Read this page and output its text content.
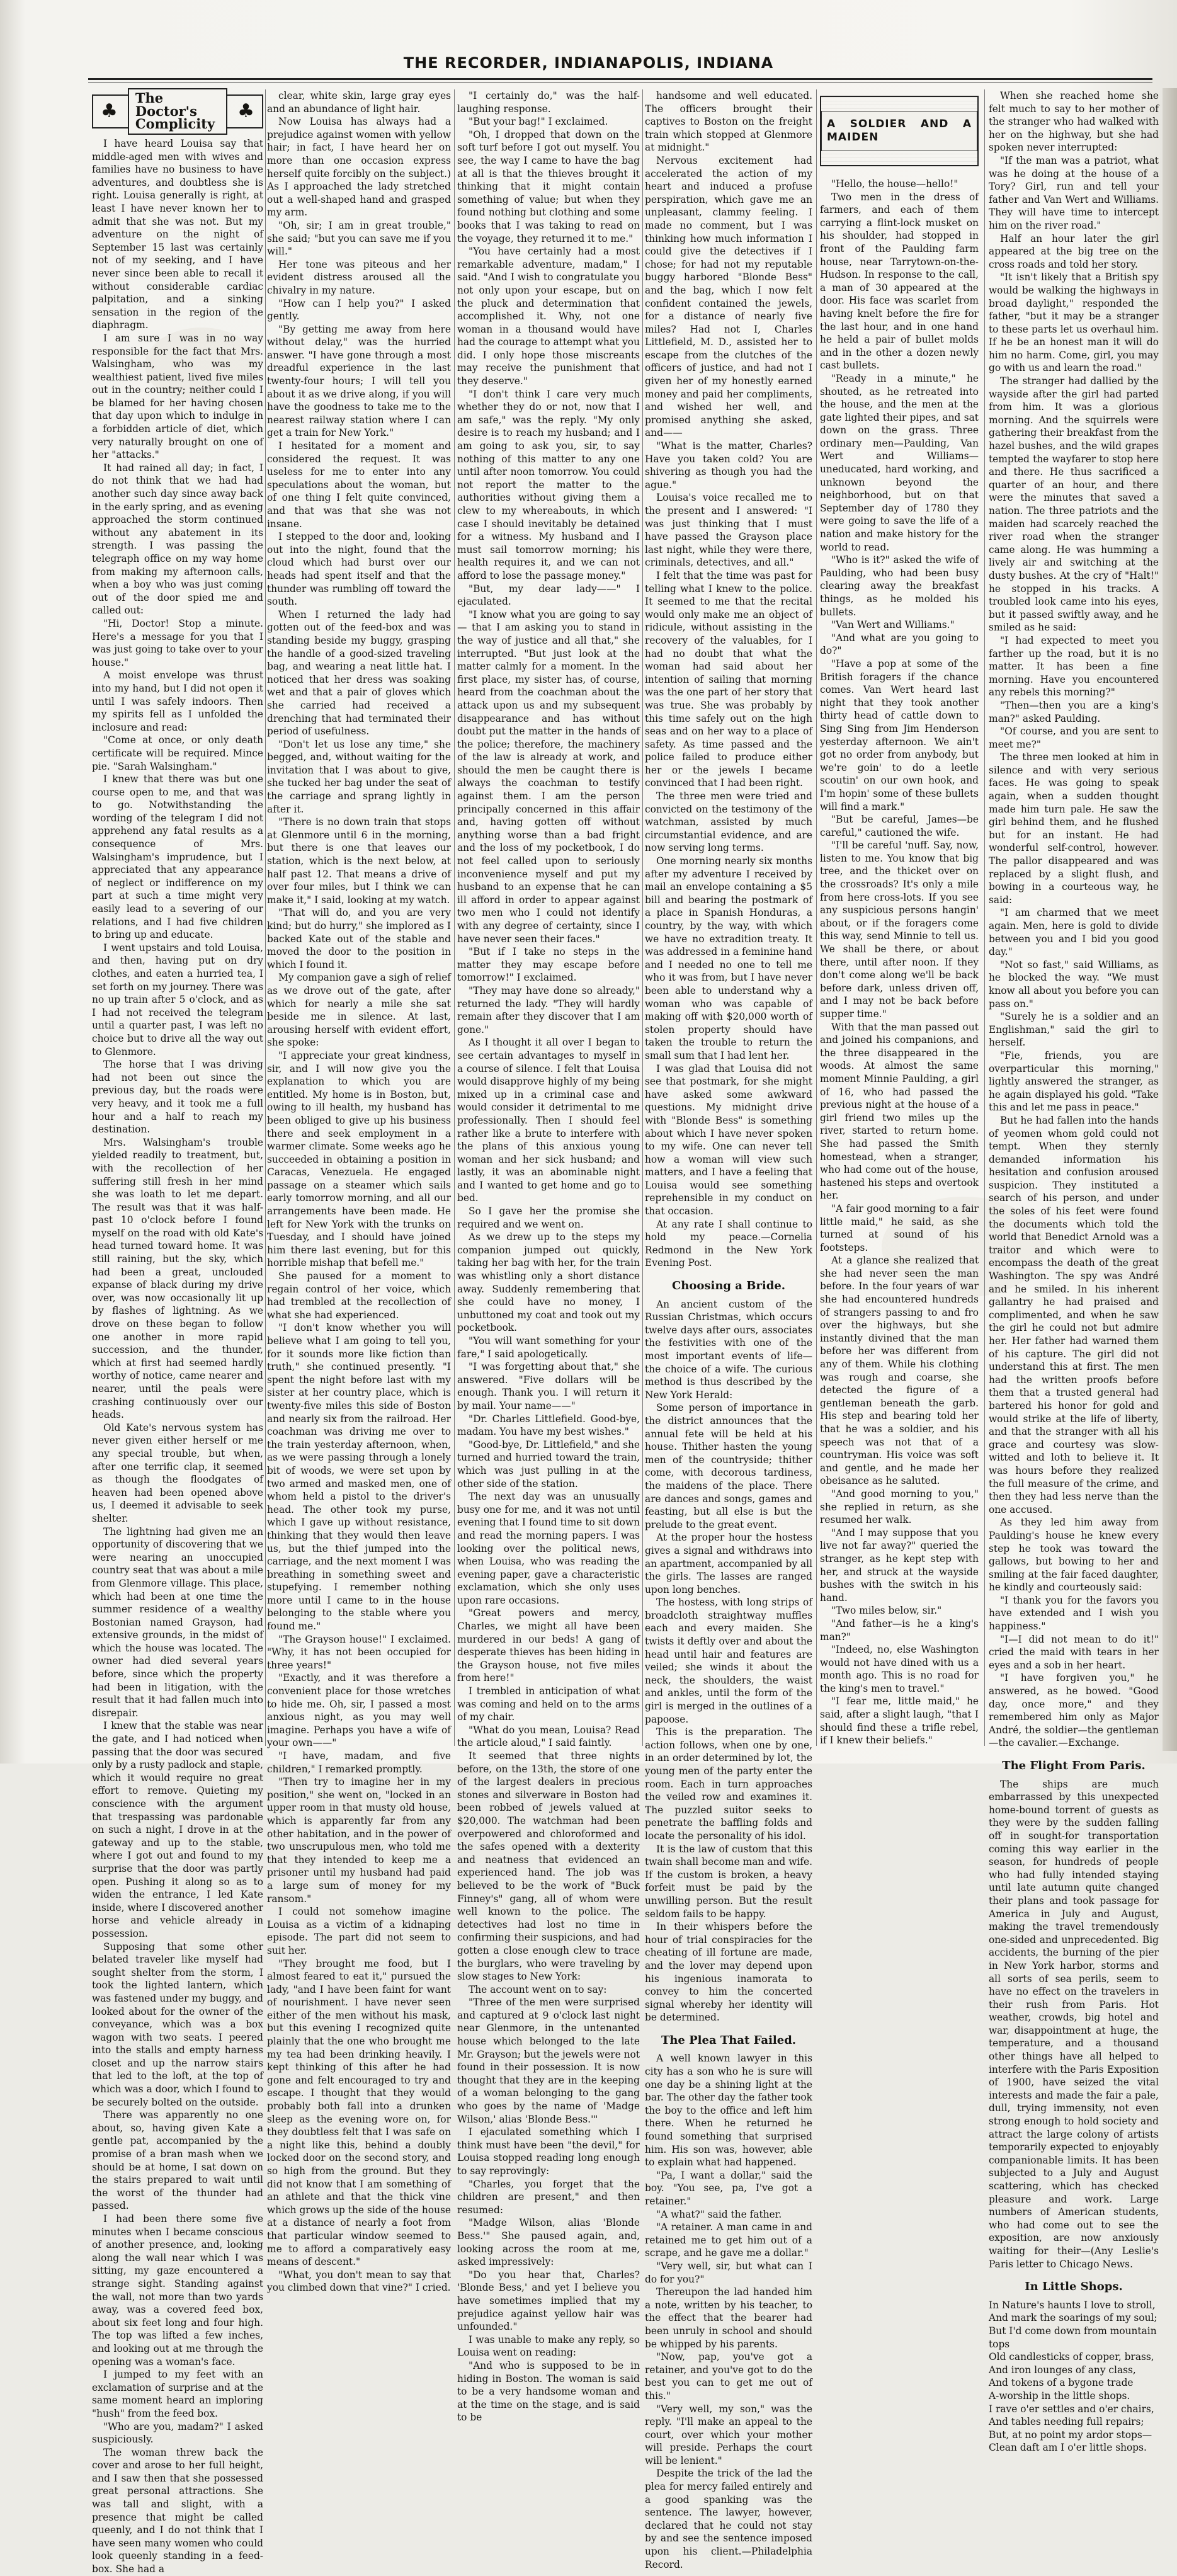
THE RECORDER, INDIANAPOLIS, INDIANA
♣
The Doctor's Complicity
♣

I have heard Louisa say that middle-aged men with wives and families have no business to have adventures, and doubtless she is right. Louisa generally is right, at least I have never known her to admit that she was not. But my adventure on the night of September 15 last was certainly not of my seeking, and I have never since been able to recall it without considerable cardiac palpitation, and a sinking sensation in the region of the diaphragm.

I am sure I was in no way responsible for the fact that Mrs. Walsingham, who was my wealthiest patient, lived five miles out in the country; neither could I be blamed for her having chosen that day upon which to indulge in a forbidden article of diet, which very naturally brought on one of her "attacks."

It had rained all day; in fact, I do not think that we had had another such day since away back in the early spring, and as evening approached the storm continued without any abatement in its strength. I was passing the telegraph office on my way home from making my afternoon calls, when a boy who was just coming out of the door spied me and called out:

"Hi, Doctor! Stop a minute. Here's a message for you that I was just going to take over to your house."

A moist envelope was thrust into my hand, but I did not open it until I was safely indoors. Then my spirits fell as I unfolded the inclosure and read:

"Come at once, or only death certificate will be required. Mince pie. "Sarah Walsingham."

I knew that there was but one course open to me, and that was to go. Notwithstanding the wording of the telegram I did not apprehend any fatal results as a consequence of Mrs. Walsingham's imprudence, but I appreciated that any appearance of neglect or indifference on my part at such a time might very easily lead to a severing of our relations, and I had five children to bring up and educate.

I went upstairs and told Louisa, and then, having put on dry clothes, and eaten a hurried tea, I set forth on my journey. There was no up train after 5 o'clock, and as I had not received the telegram until a quarter past, I was left no choice but to drive all the way out to Glenmore.

The horse that I was driving had not been out since the previous day, but the roads were very heavy, and it took me a full hour and a half to reach my destination.

Mrs. Walsingham's trouble yielded readily to treatment, but, with the recollection of her suffering still fresh in her mind she was loath to let me depart. The result was that it was half-past 10 o'clock before I found myself on the road with old Kate's head turned toward home. It was still raining, but the sky, which had been a great, unclouded expanse of black during my drive over, was now occasionally lit up by flashes of lightning. As we drove on these began to follow one another in more rapid succession, and the thunder, which at first had seemed hardly worthy of notice, came nearer and nearer, until the peals were crashing continuously over our heads.

Old Kate's nervous system has never given either herself or me any special trouble, but when, after one terrific clap, it seemed as though the floodgates of heaven had been opened above us, I deemed it advisable to seek shelter.

The lightning had given me an opportunity of discovering that we were nearing an unoccupied country seat that was about a mile from Glenmore village. This place, which had been at one time the summer residence of a wealthy Bostonian named Grayson, had extensive grounds, in the midst of which the house was located. The owner had died several years before, since which the property had been in litigation, with the result that it had fallen much into disrepair.

I knew that the stable was near the gate, and I had noticed when passing that the door was secured only by a rusty padlock and staple, which it would require no great effort to remove. Quieting my conscience with the argument that trespassing was pardonable on such a night, I drove in at the gateway and up to the stable, where I got out and found to my surprise that the door was partly open. Pushing it along so as to widen the entrance, I led Kate inside, where I discovered another horse and vehicle already in possession.

Supposing that some other belated traveler like myself had sought shelter from the storm, I took the lighted lantern, which was fastened under my buggy, and looked about for the owner of the conveyance, which was a box wagon with two seats. I peered into the stalls and empty harness closet and up the narrow stairs that led to the loft, at the top of which was a door, which I found to be securely bolted on the outside.

There was apparently no one about, so, having given Kate a gentle pat, accompanied by the promise of a bran mash when we should be at home, I sat down on the stairs prepared to wait until the worst of the thunder had passed.

I had been there some five minutes when I became conscious of another presence, and, looking along the wall near which I was sitting, my gaze encountered a strange sight. Standing against the wall, not more than two yards away, was a covered feed box, about six feet long and four high. The top was lifted a few inches, and looking out at me through the opening was a woman's face.

I jumped to my feet with an exclamation of surprise and at the same moment heard an imploring "hush" from the feed box.

"Who are you, madam?" I asked suspiciously.

The woman threw back the cover and arose to her full height, and I saw then that she possessed great personal attractions. She was tall and slight, with a presence that might be called queenly, and I do not think that I have seen many women who could look queenly standing in a feed-box. She had a

clear, white skin, large gray eyes and an abundance of light hair.

Now Louisa has always had a prejudice against women with yellow hair; in fact, I have heard her on more than one occasion express herself quite forcibly on the subject.) As I approached the lady stretched out a well-shaped hand and grasped my arm.

"Oh, sir; I am in great trouble," she said; "but you can save me if you will."

Her tone was piteous and her evident distress aroused all the chivalry in my nature.

"How can I help you?" I asked gently.

"By getting me away from here without delay," was the hurried answer. "I have gone through a most dreadful experience in the last twenty-four hours; I will tell you about it as we drive along, if you will have the goodness to take me to the nearest railway station where I can get a train for New York."

I hesitated for a moment and considered the request. It was useless for me to enter into any speculations about the woman, but of one thing I felt quite convinced, and that was that she was not insane.

I stepped to the door and, looking out into the night, found that the cloud which had burst over our heads had spent itself and that the thunder was rumbling off toward the south.

When I returned the lady had gotten out of the feed-box and was standing beside my buggy, grasping the handle of a good-sized traveling bag, and wearing a neat little hat. I noticed that her dress was soaking wet and that a pair of gloves which she carried had received a drenching that had terminated their period of usefulness.

"Don't let us lose any time," she begged, and, without waiting for the invitation that I was about to give, she tucked her bag under the seat of the carriage and sprang lightly in after it.

"There is no down train that stops at Glenmore until 6 in the morning, but there is one that leaves our station, which is the next below, at half past 12. That means a drive of over four miles, but I think we can make it," I said, looking at my watch.

"That will do, and you are very kind; but do hurry," she implored as I backed Kate out of the stable and moved the door to the position in which I found it.

My companion gave a sigh of relief as we drove out of the gate, after which for nearly a mile she sat beside me in silence. At last, arousing herself with evident effort, she spoke:

"I appreciate your great kindness, sir, and I will now give you the explanation to which you are entitled. My home is in Boston, but, owing to ill health, my husband has been obliged to give up his business there and seek employment in a warmer climate. Some weeks ago he succeeded in obtaining a position in Caracas, Venezuela. He engaged passage on a steamer which sails early tomorrow morning, and all our arrangements have been made. He left for New York with the trunks on Tuesday, and I should have joined him there last evening, but for this horrible mishap that befell me."

She paused for a moment to regain control of her voice, which had trembled at the recollection of what she had experienced.

"I don't know whether you will believe what I am going to tell you, for it sounds more like fiction than truth," she continued presently. "I spent the night before last with my sister at her country place, which is twenty-five miles this side of Boston and nearly six from the railroad. Her coachman was driving me over to the train yesterday afternoon, when, as we were passing through a lonely bit of woods, we were set upon by two armed and masked men, one of whom held a pistol to the driver's head. The other took my purse, which I gave up without resistance, thinking that they would then leave us, but the thief jumped into the carriage, and the next moment I was breathing in something sweet and stupefying. I remember nothing more until I came to in the house belonging to the stable where you found me."

"The Grayson house!" I exclaimed. "Why, it has not been occupied for three years!"

"Exactly, and it was therefore a convenient place for those wretches to hide me. Oh, sir, I passed a most anxious night, as you may well imagine. Perhaps you have a wife of your own——"

"I have, madam, and five children," I remarked promptly.

"Then try to imagine her in my position," she went on, "locked in an upper room in that musty old house, which is apparently far from any other habitation, and in the power of two unscrupulous men, who told me that they intended to keep me a prisoner until my husband had paid a large sum of money for my ransom."

I could not somehow imagine Louisa as a victim of a kidnaping episode. The part did not seem to suit her.

"They brought me food, but I almost feared to eat it," pursued the lady, "and I have been faint for want of nourishment. I have never seen either of the men without his mask, but this evening I recognized quite plainly that the one who brought me my tea had been drinking heavily. I kept thinking of this after he had gone and felt encouraged to try and escape. I thought that they would probably both fall into a drunken sleep as the evening wore on, for they doubtless felt that I was safe on a night like this, behind a doubly locked door on the second story, and so high from the ground. But they did not know that I am something of an athlete and that the thick vine which grows up the side of the house at a distance of nearly a foot from that particular window seemed to me to afford a comparatively easy means of descent."

"What, you don't mean to say that you climbed down that vine?" I cried.

"I certainly do," was the half-laughing response.

"But your bag!" I exclaimed.

"Oh, I dropped that down on the soft turf before I got out myself. You see, the way I came to have the bag at all is that the thieves brought it thinking that it might contain something of value; but when they found nothing but clothing and some books that I was taking to read on the voyage, they returned it to me."

"You have certainly had a most remarkable adventure, madam," I said. "And I wish to congratulate you not only upon your escape, but on the pluck and determination that accomplished it. Why, not one woman in a thousand would have had the courage to attempt what you did. I only hope those miscreants may receive the punishment that they deserve."

"I don't think I care very much whether they do or not, now that I am safe," was the reply. "My only desire is to reach my husband; and I am going to ask you, sir, to say nothing of this matter to any one until after noon tomorrow. You could not report the matter to the authorities without giving them a clew to my whereabouts, in which case I should inevitably be detained for a witness. My husband and I must sail tomorrow morning; his health requires it, and we can not afford to lose the passage money."

"But, my dear lady——" I ejaculated.

"I know what you are going to say — that I am asking you to stand in the way of justice and all that," she interrupted. "But just look at the matter calmly for a moment. In the first place, my sister has, of course, heard from the coachman about the attack upon us and my subsequent disappearance and has without doubt put the matter in the hands of the police; therefore, the machinery of the law is already at work, and should the men be caught there is always the coachman to testify against them. I am the person principally concerned in this affair and, having gotten off without anything worse than a bad fright and the loss of my pocketbook, I do not feel called upon to seriously inconvenience myself and put my husband to an expense that he can ill afford in order to appear against two men who I could not identify with any degree of certainty, since I have never seen their faces."

"But if I take no steps in the matter they may escape before tomorrow!" I exclaimed.

"They may have done so already," returned the lady. "They will hardly remain after they discover that I am gone."

As I thought it all over I began to see certain advantages to myself in a course of silence. I felt that Louisa would disapprove highly of my being mixed up in a criminal case and would consider it detrimental to me professionally. Then I should feel rather like a brute to interfere with the plans of this anxious young woman and her sick husband; and lastly, it was an abominable night and I wanted to get home and go to bed.

So I gave her the promise she required and we went on.

As we drew up to the steps my companion jumped out quickly, taking her bag with her, for the train was whistling only a short distance away. Suddenly remembering that she could have no money, I unbuttoned my coat and took out my pocketbook.

"You will want something for your fare," I said apologetically.

"I was forgetting about that," she answered. "Five dollars will be enough. Thank you. I will return it by mail. Your name——"

"Dr. Charles Littlefield. Good-bye, madam. You have my best wishes."

"Good-bye, Dr. Littlefield," and she turned and hurried toward the train, which was just pulling in at the other side of the station.

The next day was an unusually busy one for me, and it was not until evening that I found time to sit down and read the morning papers. I was looking over the political news, when Louisa, who was reading the evening paper, gave a characteristic exclamation, which she only uses upon rare occasions.

"Great powers and mercy, Charles, we might all have been murdered in our beds! A gang of desperate thieves has been hiding in the Grayson house, not five miles from here!"

I trembled in anticipation of what was coming and held on to the arms of my chair.

"What do you mean, Louisa? Read the article aloud," I said faintly.

It seemed that three nights before, on the 13th, the store of one of the largest dealers in precious stones and silverware in Boston had been robbed of jewels valued at $20,000. The watchman had been overpowered and chloroformed and the safes opened with a dexterity and neatness that evidenced an experienced hand. The job was believed to be the work of "Buck Finney's" gang, all of whom were well known to the police. The detectives had lost no time in confirming their suspicions, and had gotten a close enough clew to trace the burglars, who were traveling by slow stages to New York:

The account went on to say:

"Three of the men were surprised and captured at 9 o'clock last night near Glenmore, in the untenanted house which belonged to the late Mr. Grayson; but the jewels were not found in their possession. It is now thought that they are in the keeping of a woman belonging to the gang who goes by the name of 'Madge Wilson,' alias 'Blonde Bess.'"

I ejaculated something which I think must have been "the devil," for Louisa stopped reading long enough to say reprovingly:

"Charles, you forget that the children are present," and then resumed:

"Madge Wilson, alias 'Blonde Bess.'" She paused again, and, looking across the room at me, asked impressively:

"Do you hear that, Charles? 'Blonde Bess,' and yet I believe you have sometimes implied that my prejudice against yellow hair was unfounded."

I was unable to make any reply, so Louisa went on reading:

"And who is supposed to be in hiding in Boston. The woman is said to be a very handsome woman and at the time on the stage, and is said to be

handsome and well educated. The officers brought their captives to Boston on the freight train which stopped at Glenmore at midnight."

Nervous excitement had accelerated the action of my heart and induced a profuse perspiration, which gave me an unpleasant, clammy feeling. I made no comment, but I was thinking how much information I could give the detectives if I chose; for had not my reputable buggy harbored "Blonde Bess" and the bag, which I now felt confident contained the jewels, for a distance of nearly five miles? Had not I, Charles Littlefield, M. D., assisted her to escape from the clutches of the officers of justice, and had not I given her of my honestly earned money and paid her compliments, and wished her well, and promised anything she asked, and——

"What is the matter, Charles? Have you taken cold? You are shivering as though you had the ague."

Louisa's voice recalled me to the present and I answered: "I was just thinking that I must have passed the Grayson place last night, while they were there, criminals, detectives, and all."

I felt that the time was past for telling what I knew to the police. It seemed to me that the recital would only make me an object of ridicule, without assisting in the recovery of the valuables, for I had no doubt that what the woman had said about her intention of sailing that morning was the one part of her story that was true. She was probably by this time safely out on the high seas and on her way to a place of safety. As time passed and the police failed to produce either her or the jewels I became convinced that I had been right.

The three men were tried and convicted on the testimony of the watchman, assisted by much circumstantial evidence, and are now serving long terms.

One morning nearly six months after my adventure I received by mail an envelope containing a $5 bill and bearing the postmark of a place in Spanish Honduras, a country, by the way, with which we have no extradition treaty. It was addressed in a feminine hand and I needed no one to tell me who it was from, but I have never been able to understand why a woman who was capable of making off with $20,000 worth of stolen property should have taken the trouble to return the small sum that I had lent her.

I was glad that Louisa did not see that postmark, for she might have asked some awkward questions. My midnight drive with "Blonde Bess" is something about which I have never spoken to my wife. One can never tell how a woman will view such matters, and I have a feeling that Louisa would see something reprehensible in my conduct on that occasion.

At any rate I shall continue to hold my peace.—Cornelia Redmond in the New York Evening Post.

Choosing a Bride.

An ancient custom of the Russian Christmas, which occurs twelve days after ours, associates the festivities with one of the most important events of life—the choice of a wife. The curious method is thus described by the New York Herald:

Some person of importance in the district announces that the annual fete will be held at his house. Thither hasten the young men of the countryside; thither come, with decorous tardiness, the maidens of the place. There are dances and songs, games and feasting, but all else is but the prelude to the great event.

At the proper hour the hostess gives a signal and withdraws into an apartment, accompanied by all the girls. The lasses are ranged upon long benches.

The hostess, with long strips of broadcloth straightway muffles each and every maiden. She twists it deftly over and about the head until hair and features are veiled; she winds it about the neck, the shoulders, the waist and ankles, until the form of the girl is merged in the outlines of a papoose.

This is the preparation. The action follows, when one by one, in an order determined by lot, the young men of the party enter the room. Each in turn approaches the veiled row and examines it. The puzzled suitor seeks to penetrate the baffling folds and locate the personality of his idol.

It is the law of custom that this twain shall become man and wife. If the custom is broken, a heavy forfeit must be paid by the unwilling person. But the result seldom fails to be happy.

In their whispers before the hour of trial conspiracies for the cheating of ill fortune are made, and the lover may depend upon his ingenious inamorata to convey to him the concerted signal whereby her identity will be determined.

The Plea That Failed.

A well known lawyer in this city has a son who he is sure will one day be a shining light at the bar. The other day the father took the boy to the office and left him there. When he returned he found something that surprised him. His son was, however, able to explain what had happened.

"Pa, I want a dollar," said the boy. "You see, pa, I've got a retainer."

"A what?" said the father.

"A retainer. A man came in and retained me to get him out of a scrape, and he gave me a dollar."

"Very well, sir, but what can I do for you?"

Thereupon the lad handed him a note, written by his teacher, to the effect that the bearer had been unruly in school and should be whipped by his parents.

"Now, pap, you've got a retainer, and you've got to do the best you can to get me out of this."

"Very well, my son," was the reply. "I'll make an appeal to the court, over which your mother will preside. Perhaps the court will be lenient."

Despite the trick of the lad the plea for mercy failed entirely and a good spanking was the sentence. The lawyer, however, declared that he could not stay by and see the sentence imposed upon his client.—Philadelphia Record.

A SOLDIER AND A MAIDEN

"Hello, the house—hello!"

Two men in the dress of farmers, and each of them carrying a flint-lock musket on his shoulder, had stopped in front of the Paulding farm house, near Tarrytown-on-the-Hudson. In response to the call, a man of 30 appeared at the door. His face was scarlet from having knelt before the fire for the last hour, and in one hand he held a pair of bullet molds and in the other a dozen newly cast bullets.

"Ready in a minute," he shouted, as he retreated into the house, and the men at the gate lighted their pipes, and sat down on the grass. Three ordinary men—Paulding, Van Wert and Williams—uneducated, hard working, and unknown beyond the neighborhood, but on that September day of 1780 they were going to save the life of a nation and make history for the world to read.

"Who is it?" asked the wife of Paulding, who had been busy clearing away the breakfast things, as he molded his bullets.

"Van Wert and Williams."

"And what are you going to do?"

"Have a pop at some of the British foragers if the chance comes. Van Wert heard last night that they took another thirty head of cattle down to Sing Sing from Jim Henderson yesterday afternoon. We ain't got no order from anybody, but we're goin' to do a leetle scoutin' on our own hook, and I'm hopin' some of these bullets will find a mark."

"But be careful, James—be careful," cautioned the wife.

"I'll be careful 'nuff. Say, now, listen to me. You know that big tree, and the thicket over on the crossroads? It's only a mile from here cross-lots. If you see any suspicious persons hangin' about, or if the foragers come this way, send Minnie to tell us. We shall be there, or about there, until after noon. If they don't come along we'll be back before dark, unless driven off, and I may not be back before supper time."

With that the man passed out and joined his companions, and the three disappeared in the woods. At almost the same moment Minnie Paulding, a girl of 16, who had passed the previous night at the house of a girl friend two miles up the river, started to return home. She had passed the Smith homestead, when a stranger, who had come out of the house, hastened his steps and overtook her.

"A fair good morning to a fair little maid," he said, as she turned at sound of his footsteps.

At a glance she realized that she had never seen the man before. In the four years of war she had encountered hundreds of strangers passing to and fro over the highways, but she instantly divined that the man before her was different from any of them. While his clothing was rough and coarse, she detected the figure of a gentleman beneath the garb. His step and bearing told her that he was a soldier, and his speech was not that of a countryman. His voice was soft and gentle, and he made her obeisance as he saluted.

"And good morning to you," she replied in return, as she resumed her walk.

"And I may suppose that you live not far away?" queried the stranger, as he kept step with her, and struck at the wayside bushes with the switch in his hand.

"Two miles below, sir."

"And father—is he a king's man?"

"Indeed, no, else Washington would not have dined with us a month ago. This is no road for the king's men to travel."

"I fear me, little maid," he said, after a slight laugh, "that I should find these a trifle rebel, if I knew their beliefs."

When she reached home she felt much to say to her mother of the stranger who had walked with her on the highway, but she had spoken never interrupted:

"If the man was a patriot, what was he doing at the house of a Tory? Girl, run and tell your father and Van Wert and Williams. They will have time to intercept him on the river road."

Half an hour later the girl appeared at the big tree on the cross roads and told her story.

"It isn't likely that a British spy would be walking the highways in broad daylight," responded the father, "but it may be a stranger to these parts let us overhaul him. If he be an honest man it will do him no harm. Come, girl, you may go with us and learn the road."

The stranger had dallied by the wayside after the girl had parted from him. It was a glorious morning. And the squirrels were gathering their breakfast from the hazel bushes, and the wild grapes tempted the wayfarer to stop here and there. He thus sacrificed a quarter of an hour, and there were the minutes that saved a nation. The three patriots and the maiden had scarcely reached the river road when the stranger came along. He was humming a lively air and switching at the dusty bushes. At the cry of "Halt!" he stopped in his tracks. A troubled look came into his eyes, but it passed swiftly away, and he smiled as he said:

"I had expected to meet you farther up the road, but it is no matter. It has been a fine morning. Have you encountered any rebels this morning?"

"Then—then you are a king's man?" asked Paulding.

"Of course, and you are sent to meet me?"

The three men looked at him in silence and with very serious faces. He was going to speak again, when a sudden thought made him turn pale. He saw the girl behind them, and he flushed but for an instant. He had wonderful self-control, however. The pallor disappeared and was replaced by a slight flush, and bowing in a courteous way, he said:

"I am charmed that we meet again. Men, here is gold to divide between you and I bid you good day."

"Not so fast," said Williams, as he blocked the way. "We must know all about you before you can pass on."

"Surely he is a soldier and an Englishman," said the girl to herself.

"Fie, friends, you are overparticular this morning," lightly answered the stranger, as he again displayed his gold. "Take this and let me pass in peace."

But he had fallen into the hands of yeomen whom gold could not tempt. When they sternly demanded information his hesitation and confusion aroused suspicion. They instituted a search of his person, and under the soles of his feet were found the documents which told the world that Benedict Arnold was a traitor and which were to encompass the death of the great Washington. The spy was André and he smiled. In his inherent gallantry he had praised and complimented, and when he saw the girl he could not but admire her. Her father had warned them of his capture. The girl did not understand this at first. The men had the written proofs before them that a trusted general had bartered his honor for gold and would strike at the life of liberty, and that the stranger with all his grace and courtesy was slow-witted and loth to believe it. It was hours before they realized the full measure of the crime, and then they had less nerve than the one accused.

As they led him away from Paulding's house he knew every step he took was toward the gallows, but bowing to her and smiling at the fair faced daughter, he kindly and courteously said:

"I thank you for the favors you have extended and I wish you happiness."

"I—I did not mean to do it!" cried the maid with tears in her eyes and a sob in her heart.

"I have forgiven you," he answered, as he bowed. "Good day, once more," and they remembered him only as Major André, the soldier—the gentleman—the cavalier.—Exchange.

The Flight From Paris.

The ships are much embarrassed by this unexpected home-bound torrent of guests as they were by the sudden falling off in sought-for transportation coming this way earlier in the season, for hundreds of people who had fully intended staying until late autumn quite changed their plans and took passage for America in July and August, making the travel tremendously one-sided and unprecedented. Big accidents, the burning of the pier in New York harbor, storms and all sorts of sea perils, seem to have no effect on the travelers in their rush from Paris. Hot weather, crowds, big hotel and war, disappointment at huge, the temperature, and a thousand other things have all helped to interfere with the Paris Exposition of 1900, have seized the vital interests and made the fair a pale, dull, trying immensity, not even strong enough to hold society and attract the large colony of artists temporarily expected to enjoyably companionable limits. It has been subjected to a July and August scattering, which has checked pleasure and work. Large numbers of American students, who had come out to see the exposition, are now anxiously waiting for their—(Any Leslie's Paris letter to Chicago News.

In Little Shops.

In Nature's haunts I love to stroll,

And mark the soarings of my soul;

But I'd come down from mountain tops

Old candlesticks of copper, brass,

And iron lounges of any class,

And tokens of a bygone trade

A-worship in the little shops.

I rave o'er settles and o'er chairs,

And tables needing full repairs;

But, at no point my ardor stops—

Clean daft am I o'er little shops.
